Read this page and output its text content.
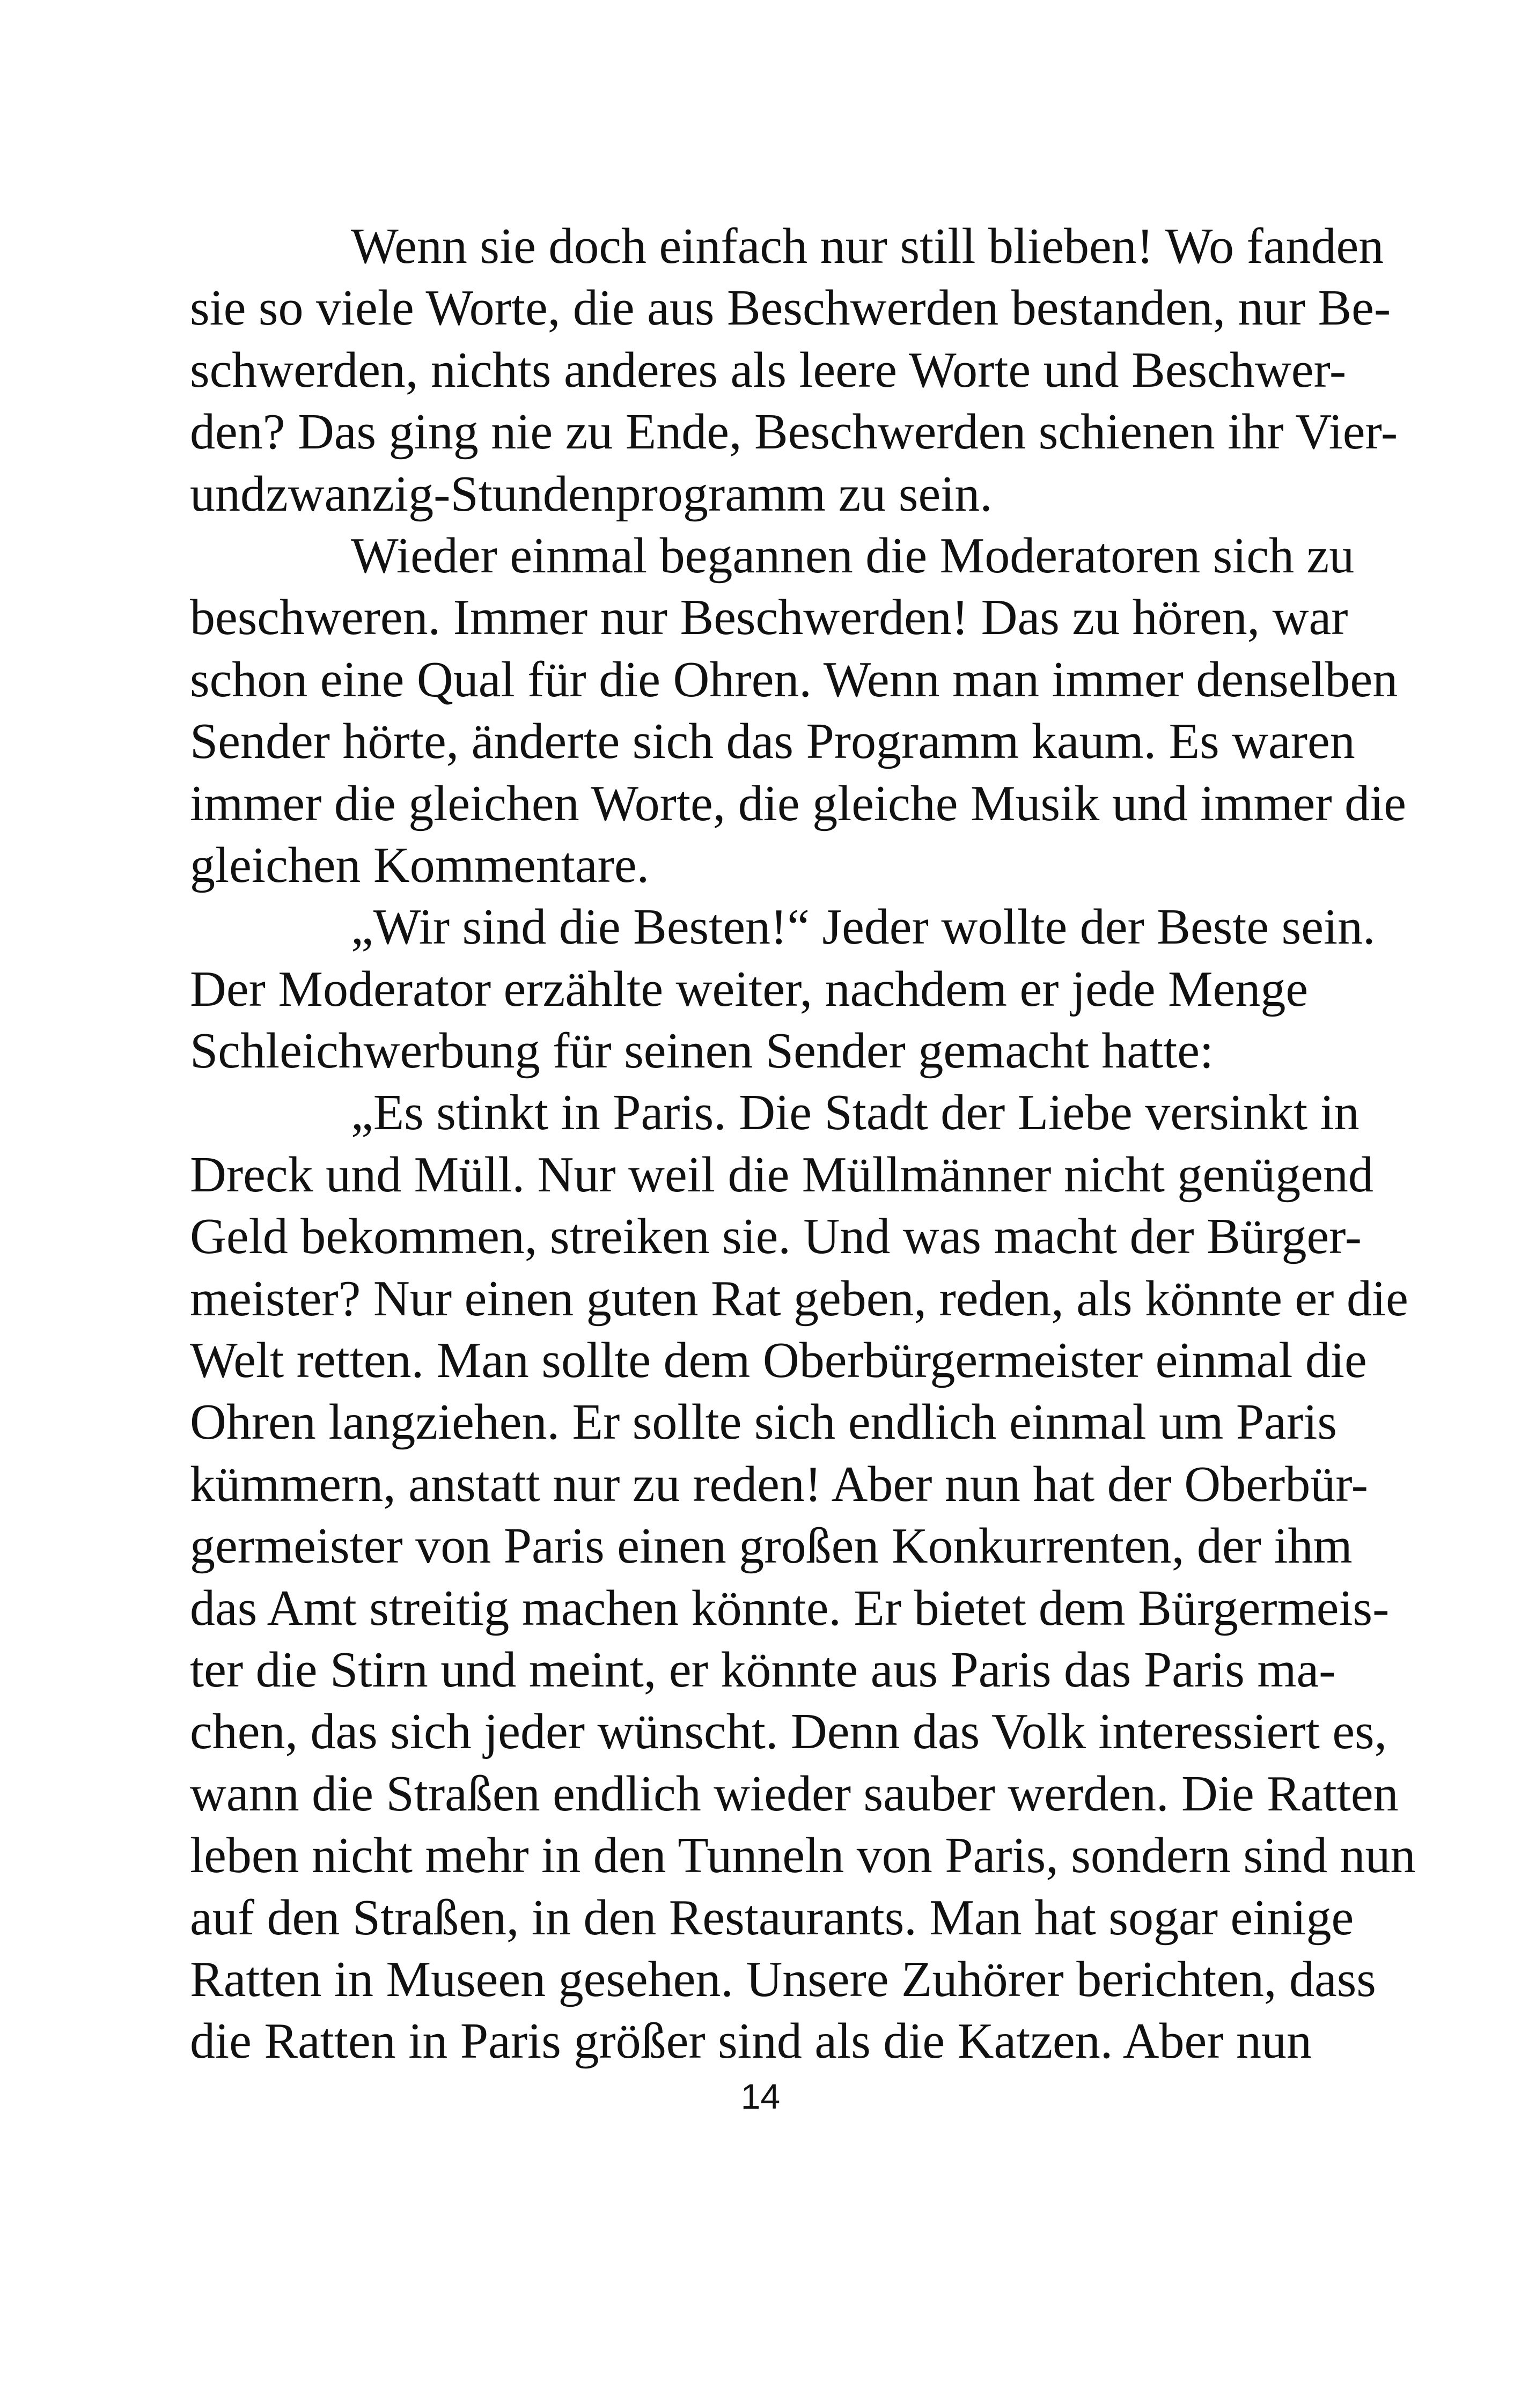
Wenn sie doch einfach nur still blieben! Wo fanden
sie so viele Worte, die aus Beschwerden bestanden, nur Be-
schwerden, nichts anderes als leere Worte und Beschwer-
den? Das ging nie zu Ende, Beschwerden schienen ihr Vier-
undzwanzig-Stundenprogramm zu sein.
Wieder einmal begannen die Moderatoren sich zu
beschweren. Immer nur Beschwerden! Das zu hören, war
schon eine Qual für die Ohren. Wenn man immer denselben
Sender hörte, änderte sich das Programm kaum. Es waren
immer die gleichen Worte, die gleiche Musik und immer die
gleichen Kommentare.
„Wir sind die Besten!“ Jeder wollte der Beste sein.
Der Moderator erzählte weiter, nachdem er jede Menge
Schleichwerbung für seinen Sender gemacht hatte:
„Es stinkt in Paris. Die Stadt der Liebe versinkt in
Dreck und Müll. Nur weil die Müllmänner nicht genügend
Geld bekommen, streiken sie. Und was macht der Bürger-
meister? Nur einen guten Rat geben, reden, als könnte er die
Welt retten. Man sollte dem Oberbürgermeister einmal die
Ohren langziehen. Er sollte sich endlich einmal um Paris
kümmern, anstatt nur zu reden! Aber nun hat der Oberbür-
germeister von Paris einen großen Konkurrenten, der ihm
das Amt streitig machen könnte. Er bietet dem Bürgermeis-
ter die Stirn und meint, er könnte aus Paris das Paris ma-
chen, das sich jeder wünscht. Denn das Volk interessiert es,
wann die Straßen endlich wieder sauber werden. Die Ratten
leben nicht mehr in den Tunneln von Paris, sondern sind nun
auf den Straßen, in den Restaurants. Man hat sogar einige
Ratten in Museen gesehen. Unsere Zuhörer berichten, dass
die Ratten in Paris größer sind als die Katzen. Aber nun
14
